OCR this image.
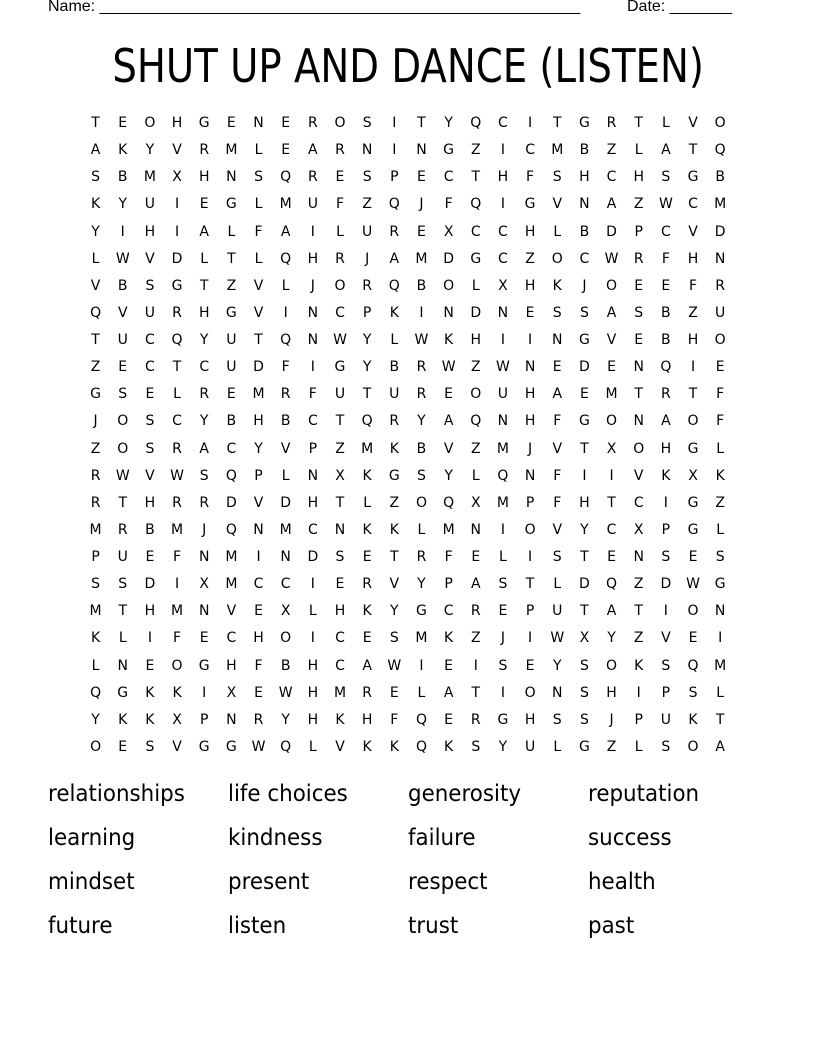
Name: ______________________________________________________	Date: _______
SHUT UP AND DANCE (LISTEN)
T	E	O	H	G	E	N	E	R	O	S	I	T	Y	Q	C	I	T	G	R	T	L	V	O
A	K	Y	V	R	M	L	E	A	R	N	I	N	G	Z	I	C	M	B	Z	L	A	T	Q
S	B	M	X	H	N	S	Q	R	E	S	P	E	C	T	H	F	S	H	C	H	S	G	B
K	Y	U	I	E	G	L	M	U	F	Z	Q	J	F	Q	I	G	V	N	A	Z	W	C	M
Y	I	H	I	A	L	F	A	I	L	U	R	E	X	C	C	H	L	B	D	P	C	V	D
L	W	V	D	L	T	L	Q	H	R	J	A	M	D	G	C	Z	O	C	W	R	F	H	N
V	B	S	G	T	Z	V	L	J	O	R	Q	B	O	L	X	H	K	J	O	E	E	F	R
Q	V	U	R	H	G	V	I	N	C	P	K	I	N	D	N	E	S	S	A	S	B	Z	U
T	U	C	Q	Y	U	T	Q	N	W	Y	L	W	K	H	I	I	N	G	V	E	B	H	O
Z	E	C	T	C	U	D	F	I	G	Y	B	R	W	Z	W	N	E	D	E	N	Q	I	E
G	S	E	L	R	E	M	R	F	U	T	U	R	E	O	U	H	A	E	M	T	R	T	F
J	O	S	C	Y	B	H	B	C	T	Q	R	Y	A	Q	N	H	F	G	O	N	A	O	F
Z	O	S	R	A	C	Y	V	P	Z	M	K	B	V	Z	M	J	V	T	X	O	H	G	L
R	W	V	W	S	Q	P	L	N	X	K	G	S	Y	L	Q	N	F	I	I	V	K	X	K
R	T	H	R	R	D	V	D	H	T	L	Z	O	Q	X	M	P	F	H	T	C	I	G	Z
M	R	B	M	J	Q	N	M	C	N	K	K	L	M	N	I	O	V	Y	C	X	P	G	L
P	U	E	F	N	M	I	N	D	S	E	T	R	F	E	L	I	S	T	E	N	S	E	S
S	S	D	I	X	M	C	C	I	E	R	V	Y	P	A	S	T	L	D	Q	Z	D	W	G
M	T	H	M	N	V	E	X	L	H	K	Y	G	C	R	E	P	U	T	A	T	I	O	N
K	L	I	F	E	C	H	O	I	C	E	S	M	K	Z	J	I	W	X	Y	Z	V	E	I
L	N	E	O	G	H	F	B	H	C	A	W	I	E	I	S	E	Y	S	O	K	S	Q	M
Q	G	K	K	I	X	E	W	H	M	R	E	L	A	T	I	O	N	S	H	I	P	S	L
Y	K	K	X	P	N	R	Y	H	K	H	F	Q	E	R	G	H	S	S	J	P	U	K	T
O	E	S	V	G	G	W	Q	L	V	K	K	Q	K	S	Y	U	L	G	Z	L	S	O	A
relationships	life choices	generosity	reputation
learning	kindness	failure	success
mindset	present	respect	health
future	listen	trust	past
